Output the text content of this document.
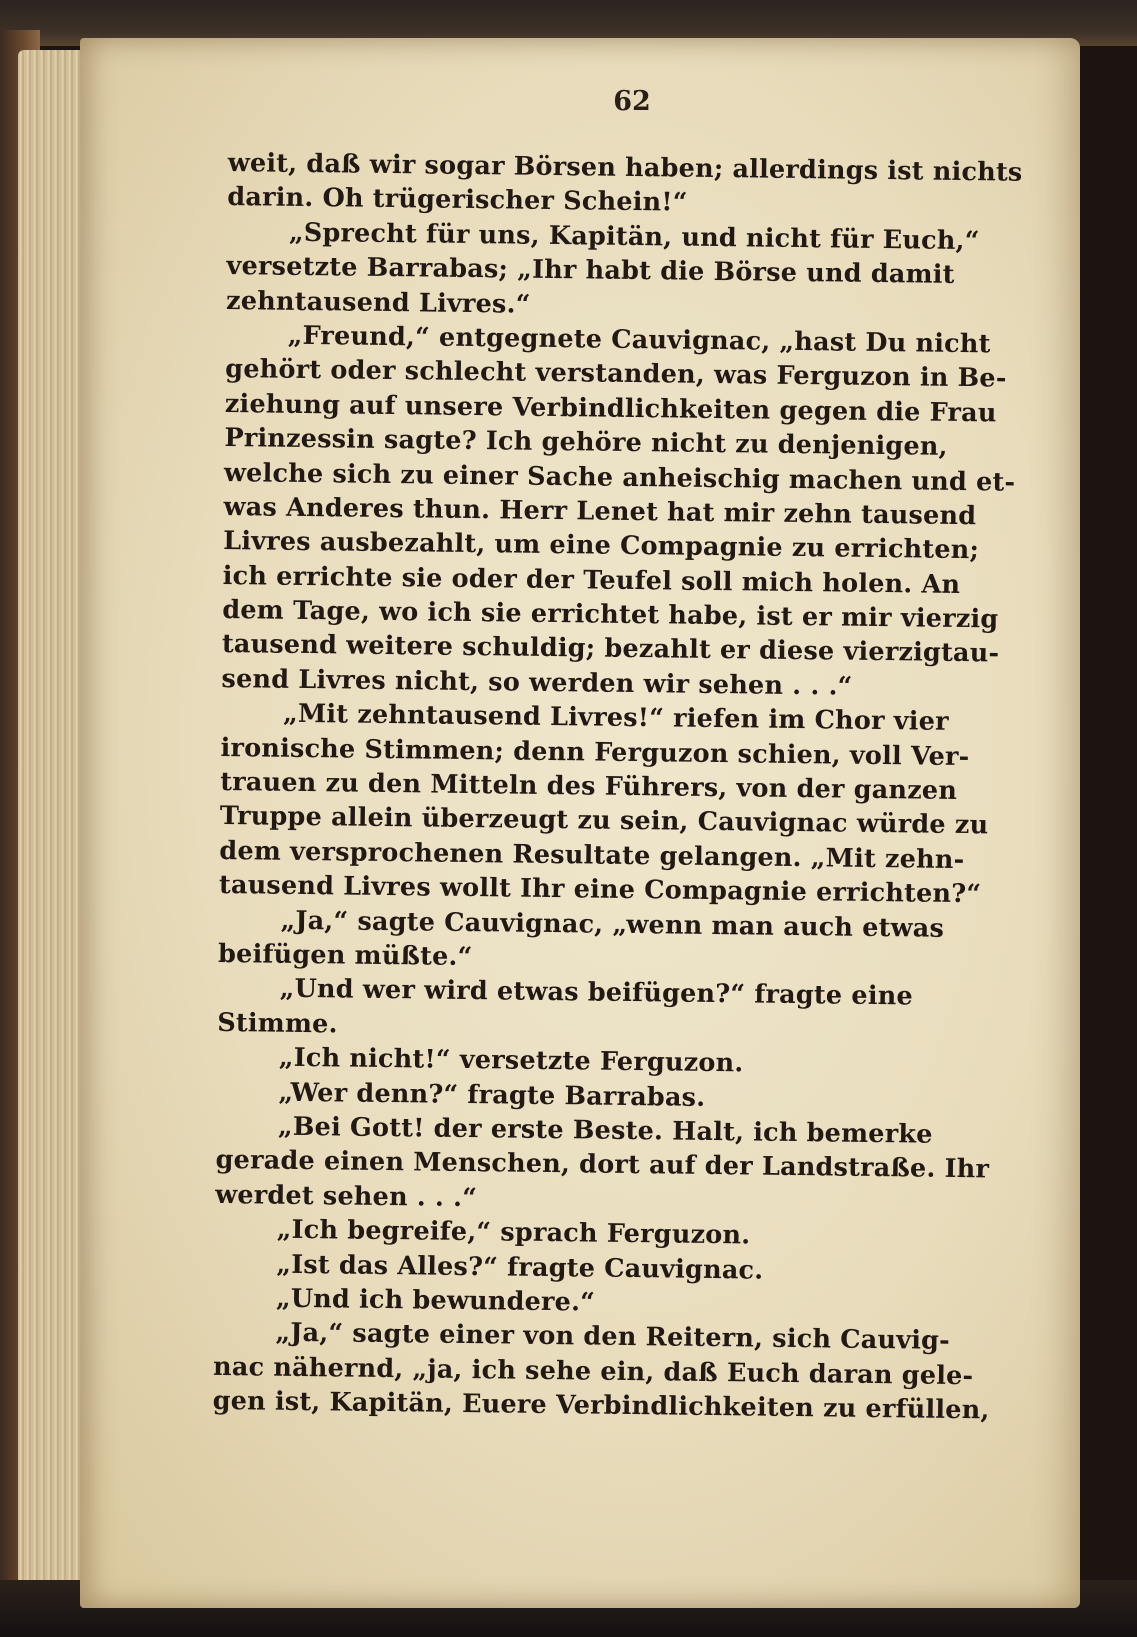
62
weit, daß wir sogar Börsen haben; allerdings ist nichts
darin. Oh trügerischer Schein!“
„Sprecht für uns, Kapitän, und nicht für Euch,“
versetzte Barrabas; „Ihr habt die Börse und damit
zehntausend Livres.“
„Freund,“ entgegnete Cauvignac, „hast Du nicht
gehört oder schlecht verstanden, was Ferguzon in Be-
ziehung auf unsere Verbindlichkeiten gegen die Frau
Prinzessin sagte? Ich gehöre nicht zu denjenigen,
welche sich zu einer Sache anheischig machen und et-
was Anderes thun. Herr Lenet hat mir zehn tausend
Livres ausbezahlt, um eine Compagnie zu errichten;
ich errichte sie oder der Teufel soll mich holen. An
dem Tage, wo ich sie errichtet habe, ist er mir vierzig
tausend weitere schuldig; bezahlt er diese vierzigtau-
send Livres nicht, so werden wir sehen . . .“
„Mit zehntausend Livres!“ riefen im Chor vier
ironische Stimmen; denn Ferguzon schien, voll Ver-
trauen zu den Mitteln des Führers, von der ganzen
Truppe allein überzeugt zu sein, Cauvignac würde zu
dem versprochenen Resultate gelangen. „Mit zehn-
tausend Livres wollt Ihr eine Compagnie errichten?“
„Ja,“ sagte Cauvignac, „wenn man auch etwas
beifügen müßte.“
„Und wer wird etwas beifügen?“ fragte eine
Stimme.
„Ich nicht!“ versetzte Ferguzon.
„Wer denn?“ fragte Barrabas.
„Bei Gott! der erste Beste. Halt, ich bemerke
gerade einen Menschen, dort auf der Landstraße. Ihr
werdet sehen . . .“
„Ich begreife,“ sprach Ferguzon.
„Ist das Alles?“ fragte Cauvignac.
„Und ich bewundere.“
„Ja,“ sagte einer von den Reitern, sich Cauvig-
nac nähernd, „ja, ich sehe ein, daß Euch daran gele-
gen ist, Kapitän, Euere Verbindlichkeiten zu erfüllen,
